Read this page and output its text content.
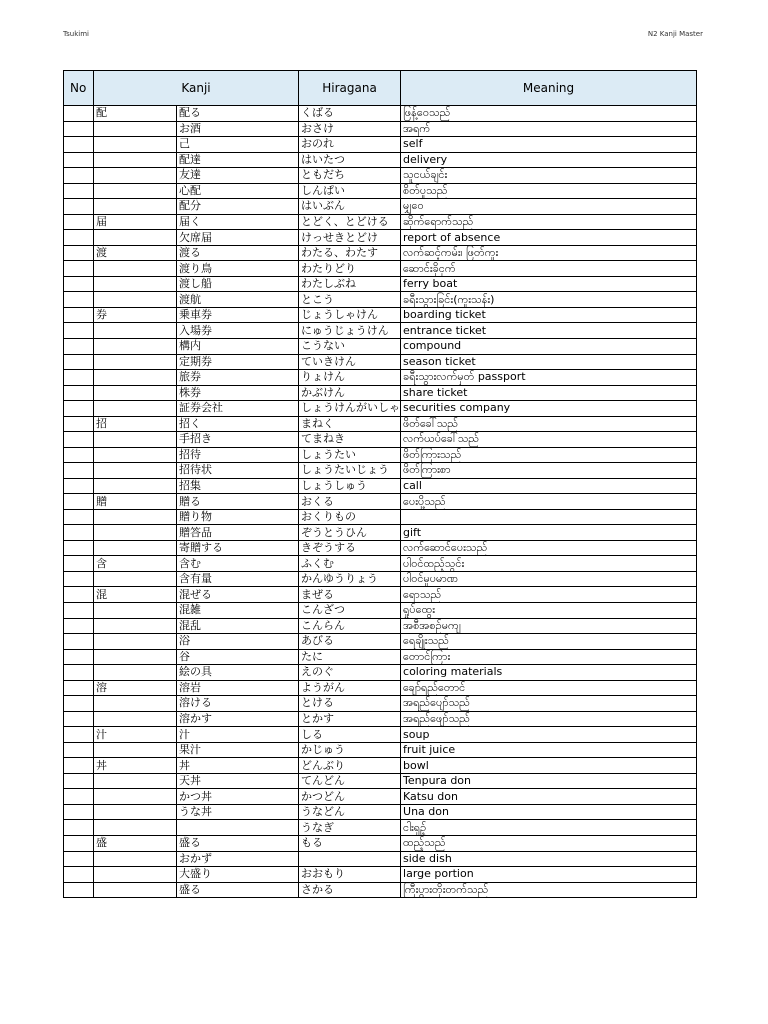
Tsukimi	N2 Kanji Master
No	Kanji		Hiragana	Meaning
	配	配る	くばる	ဖြန့်ဝေသည်
		お酒	おさけ	အရက်
		己	おのれ	self
		配達	はいたつ	delivery
		友達	ともだち	သူငယ်ချင်း
		心配	しんぱい	စိတ်ပူသည်
		配分	はいぶん	မျှဝေ
	届	届く	とどく、とどける	ဆိုက်ရောက်သည်
		欠席届	けっせきとどけ	report of absence
	渡	渡る	わたる、わたす	လက်ဆင့်ကမ်း၊ ဖြတ်ကူး
		渡り鳥	わたりどり	ဆောင်းခိုငှက်
		渡し船	わたしぶね	ferry boat
		渡航	とこう	ခရီးသွားခြင်း(ကူးသန်း)
	券	乗車券	じょうしゃけん	boarding ticket
		入場券	にゅうじょうけん	entrance ticket
		構内	こうない	compound
		定期券	ていきけん	season ticket
		旅券	りょけん	ခရီးသွားလက်မှတ် passport
		株券	かぶけん	share ticket
		証券会社	しょうけんがいしゃ	securities company
	招	招く	まねく	ဖိတ်ခေါ်သည်
		手招き	てまねき	လက်ယပ်ခေါ်သည်
		招待	しょうたい	ဖိတ်ကြားသည်
		招待状	しょうたいじょう	ဖိတ်ကြားစာ
		招集	しょうしゅう	call
	贈	贈る	おくる	ပေးပို့သည်
		贈り物	おくりもの	
		贈答品	ぞうとうひん	gift
		寄贈する	きぞうする	လက်ဆောင်ပေးသည်
	含	含む	ふくむ	ပါဝင်ထည့်သွင်း
		含有量	かんゆうりょう	ပါဝင်မှုပမာဏ
	混	混ぜる	まぜる	ရောသည်
		混雑	こんざつ	ရှုပ်ထွေး
		混乱	こんらん	အစီအစဉ်မကျ
		浴	あびる	ရေချိုးသည်
		谷	たに	တောင်ကြား
		絵の具	えのぐ	coloring materials
	溶	溶岩	ようがん	ချော်ရည်တောင်
		溶ける	とける	အရည်ပျော်သည်
		溶かす	とかす	အရည်ဖျော်သည်
	汁	汁	しる	soup
		果汁	かじゅう	fruit juice
	丼	丼	どんぶり	bowl
		天丼	てんどん	Tenpura don
		かつ丼	かつどん	Katsu don
		うな丼	うなどん	Una don
			うなぎ	ငါးရှဥ့်
	盛	盛る	もる	ထည့်သည်
		おかず		side dish
		大盛り	おおもり	large portion
		盛る	さかる	ကြီးပွားတိုးတက်သည်
